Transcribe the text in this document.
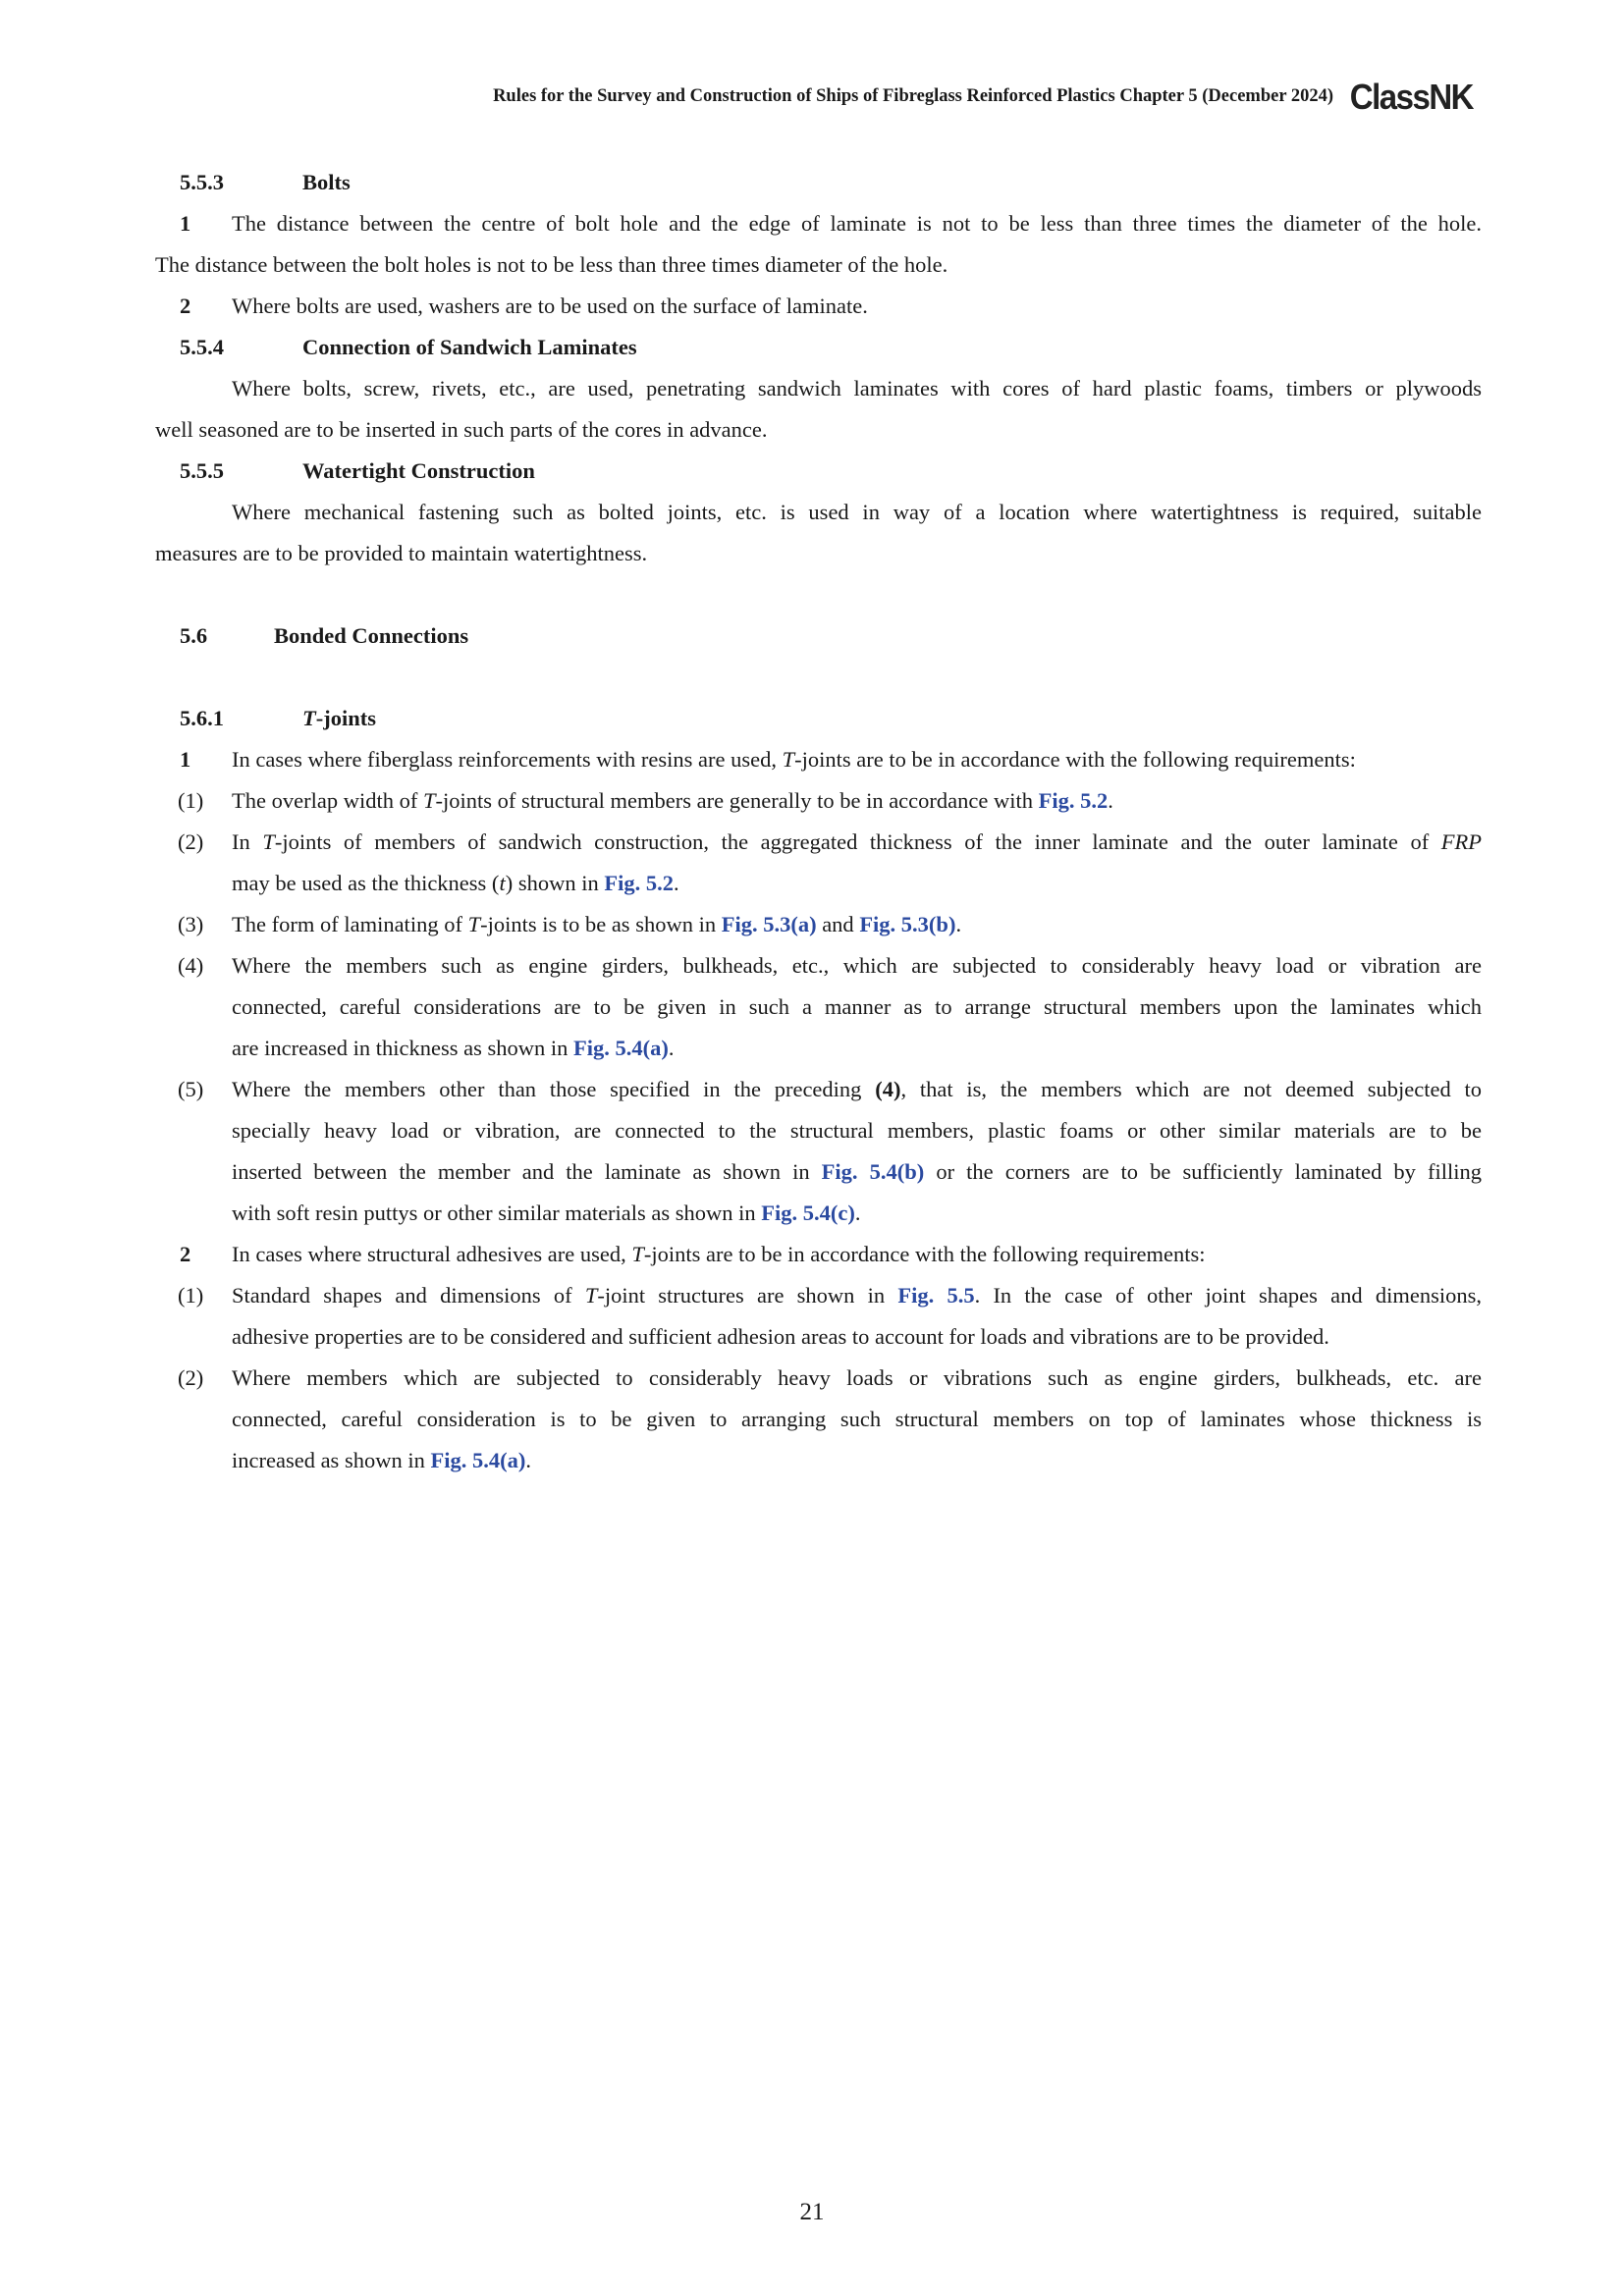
Rules for the Survey and Construction of Ships of Fibreglass Reinforced Plastics Chapter 5 (December 2024) ClassNK
5.5.3	Bolts
1 The distance between the centre of bolt hole and the edge of laminate is not to be less than three times the diameter of the hole.
The distance between the bolt holes is not to be less than three times diameter of the hole.
2 Where bolts are used, washers are to be used on the surface of laminate.
5.5.4	Connection of Sandwich Laminates
Where bolts, screw, rivets, etc., are used, penetrating sandwich laminates with cores of hard plastic foams, timbers or plywoods
well seasoned are to be inserted in such parts of the cores in advance.
5.5.5	Watertight Construction
Where mechanical fastening such as bolted joints, etc. is used in way of a location where watertightness is required, suitable
measures are to be provided to maintain watertightness.
5.6	Bonded Connections
5.6.1	T-joints
1 In cases where fiberglass reinforcements with resins are used, T-joints are to be in accordance with the following requirements:
(1) The overlap width of T-joints of structural members are generally to be in accordance with Fig. 5.2.
(2) In T-joints of members of sandwich construction, the aggregated thickness of the inner laminate and the outer laminate of FRP
may be used as the thickness (t) shown in Fig. 5.2.
(3) The form of laminating of T-joints is to be as shown in Fig. 5.3(a) and Fig. 5.3(b).
(4) Where the members such as engine girders, bulkheads, etc., which are subjected to considerably heavy load or vibration are
connected, careful considerations are to be given in such a manner as to arrange structural members upon the laminates which
are increased in thickness as shown in Fig. 5.4(a).
(5) Where the members other than those specified in the preceding (4), that is, the members which are not deemed subjected to
specially heavy load or vibration, are connected to the structural members, plastic foams or other similar materials are to be
inserted between the member and the laminate as shown in Fig. 5.4(b) or the corners are to be sufficiently laminated by filling
with soft resin puttys or other similar materials as shown in Fig. 5.4(c).
2 In cases where structural adhesives are used, T-joints are to be in accordance with the following requirements:
(1) Standard shapes and dimensions of T-joint structures are shown in Fig. 5.5. In the case of other joint shapes and dimensions,
adhesive properties are to be considered and sufficient adhesion areas to account for loads and vibrations are to be provided.
(2) Where members which are subjected to considerably heavy loads or vibrations such as engine girders, bulkheads, etc. are
connected, careful consideration is to be given to arranging such structural members on top of laminates whose thickness is
increased as shown in Fig. 5.4(a).
21
